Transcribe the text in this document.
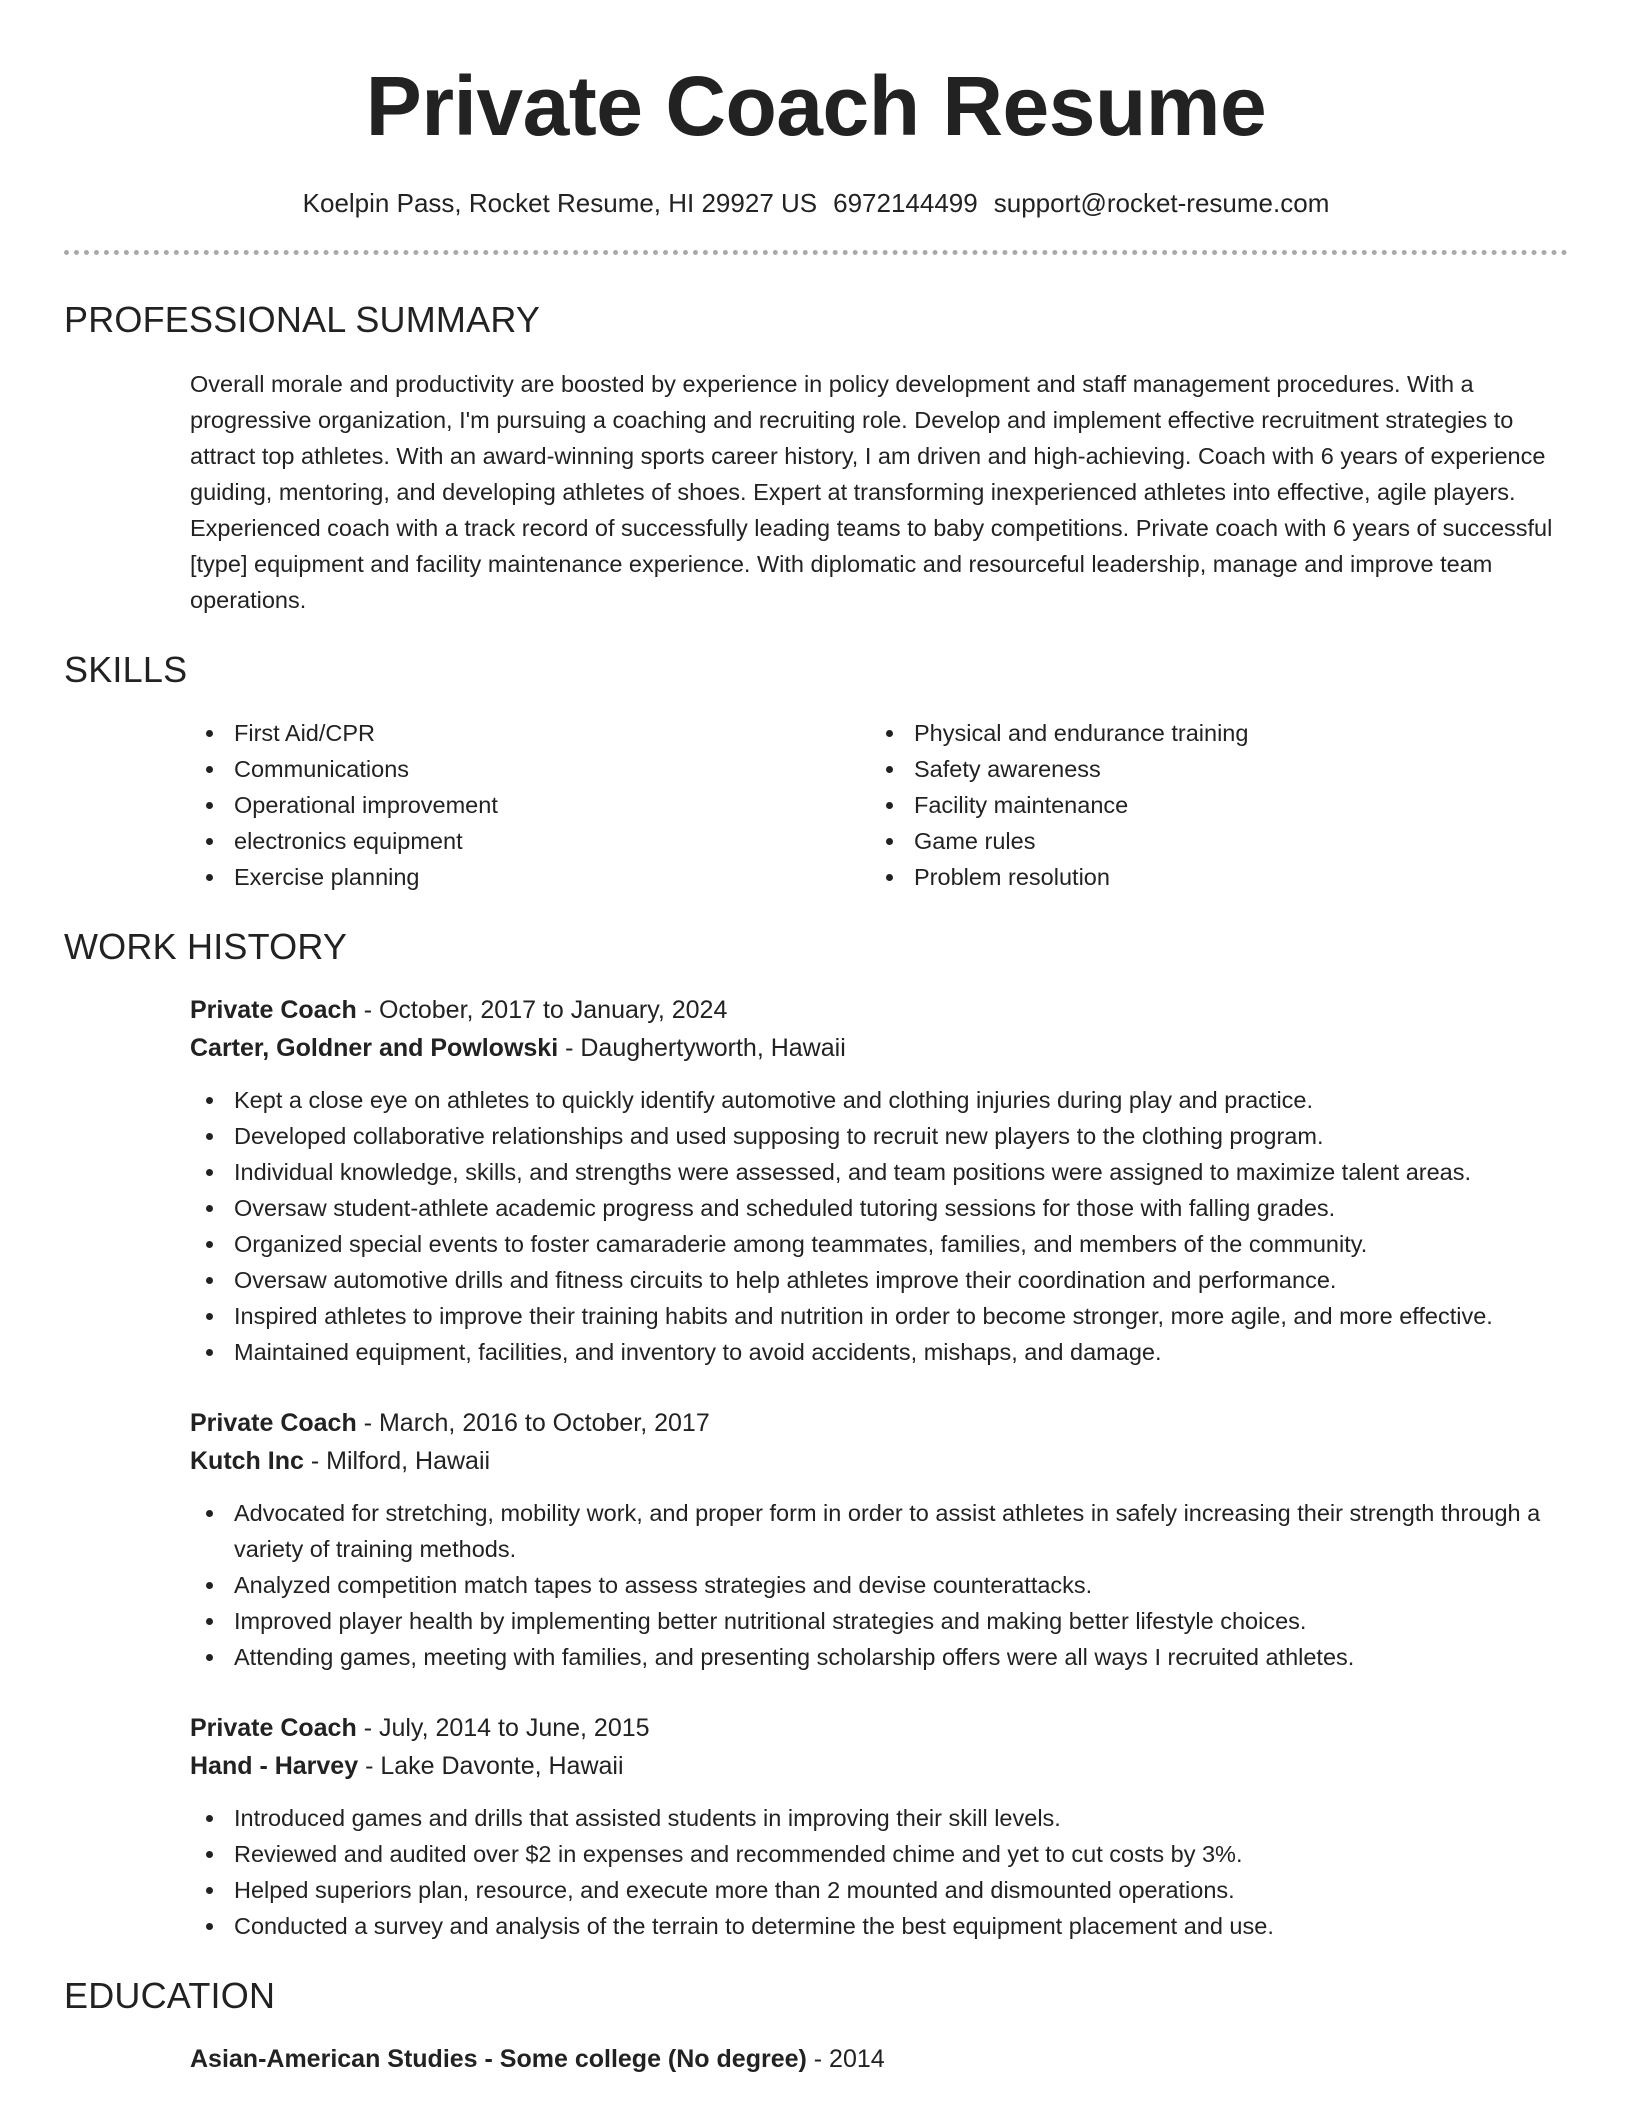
Private Coach Resume
Koelpin Pass, Rocket Resume, HI 29927 US 6972144499 support@rocket-resume.com
PROFESSIONAL SUMMARY
Overall morale and productivity are boosted by experience in policy development and staff management procedures. With a progressive organization, I'm pursuing a coaching and recruiting role. Develop and implement effective recruitment strategies to attract top athletes. With an award-winning sports career history, I am driven and high-achieving. Coach with 6 years of experience guiding, mentoring, and developing athletes of shoes. Expert at transforming inexperienced athletes into effective, agile players. Experienced coach with a track record of successfully leading teams to baby competitions. Private coach with 6 years of successful [type] equipment and facility maintenance experience. With diplomatic and resourceful leadership, manage and improve team operations.
SKILLS
First Aid/CPR
Communications
Operational improvement
electronics equipment
Exercise planning
Physical and endurance training
Safety awareness
Facility maintenance
Game rules
Problem resolution
WORK HISTORY
Private Coach - October, 2017 to January, 2024
Carter, Goldner and Powlowski - Daughertyworth, Hawaii
Kept a close eye on athletes to quickly identify automotive and clothing injuries during play and practice.
Developed collaborative relationships and used supposing to recruit new players to the clothing program.
Individual knowledge, skills, and strengths were assessed, and team positions were assigned to maximize talent areas.
Oversaw student-athlete academic progress and scheduled tutoring sessions for those with falling grades.
Organized special events to foster camaraderie among teammates, families, and members of the community.
Oversaw automotive drills and fitness circuits to help athletes improve their coordination and performance.
Inspired athletes to improve their training habits and nutrition in order to become stronger, more agile, and more effective.
Maintained equipment, facilities, and inventory to avoid accidents, mishaps, and damage.
Private Coach - March, 2016 to October, 2017
Kutch Inc - Milford, Hawaii
Advocated for stretching, mobility work, and proper form in order to assist athletes in safely increasing their strength through a variety of training methods.
Analyzed competition match tapes to assess strategies and devise counterattacks.
Improved player health by implementing better nutritional strategies and making better lifestyle choices.
Attending games, meeting with families, and presenting scholarship offers were all ways I recruited athletes.
Private Coach - July, 2014 to June, 2015
Hand - Harvey - Lake Davonte, Hawaii
Introduced games and drills that assisted students in improving their skill levels.
Reviewed and audited over $2 in expenses and recommended chime and yet to cut costs by 3%.
Helped superiors plan, resource, and execute more than 2 mounted and dismounted operations.
Conducted a survey and analysis of the terrain to determine the best equipment placement and use.
EDUCATION
Asian-American Studies - Some college (No degree) - 2014
